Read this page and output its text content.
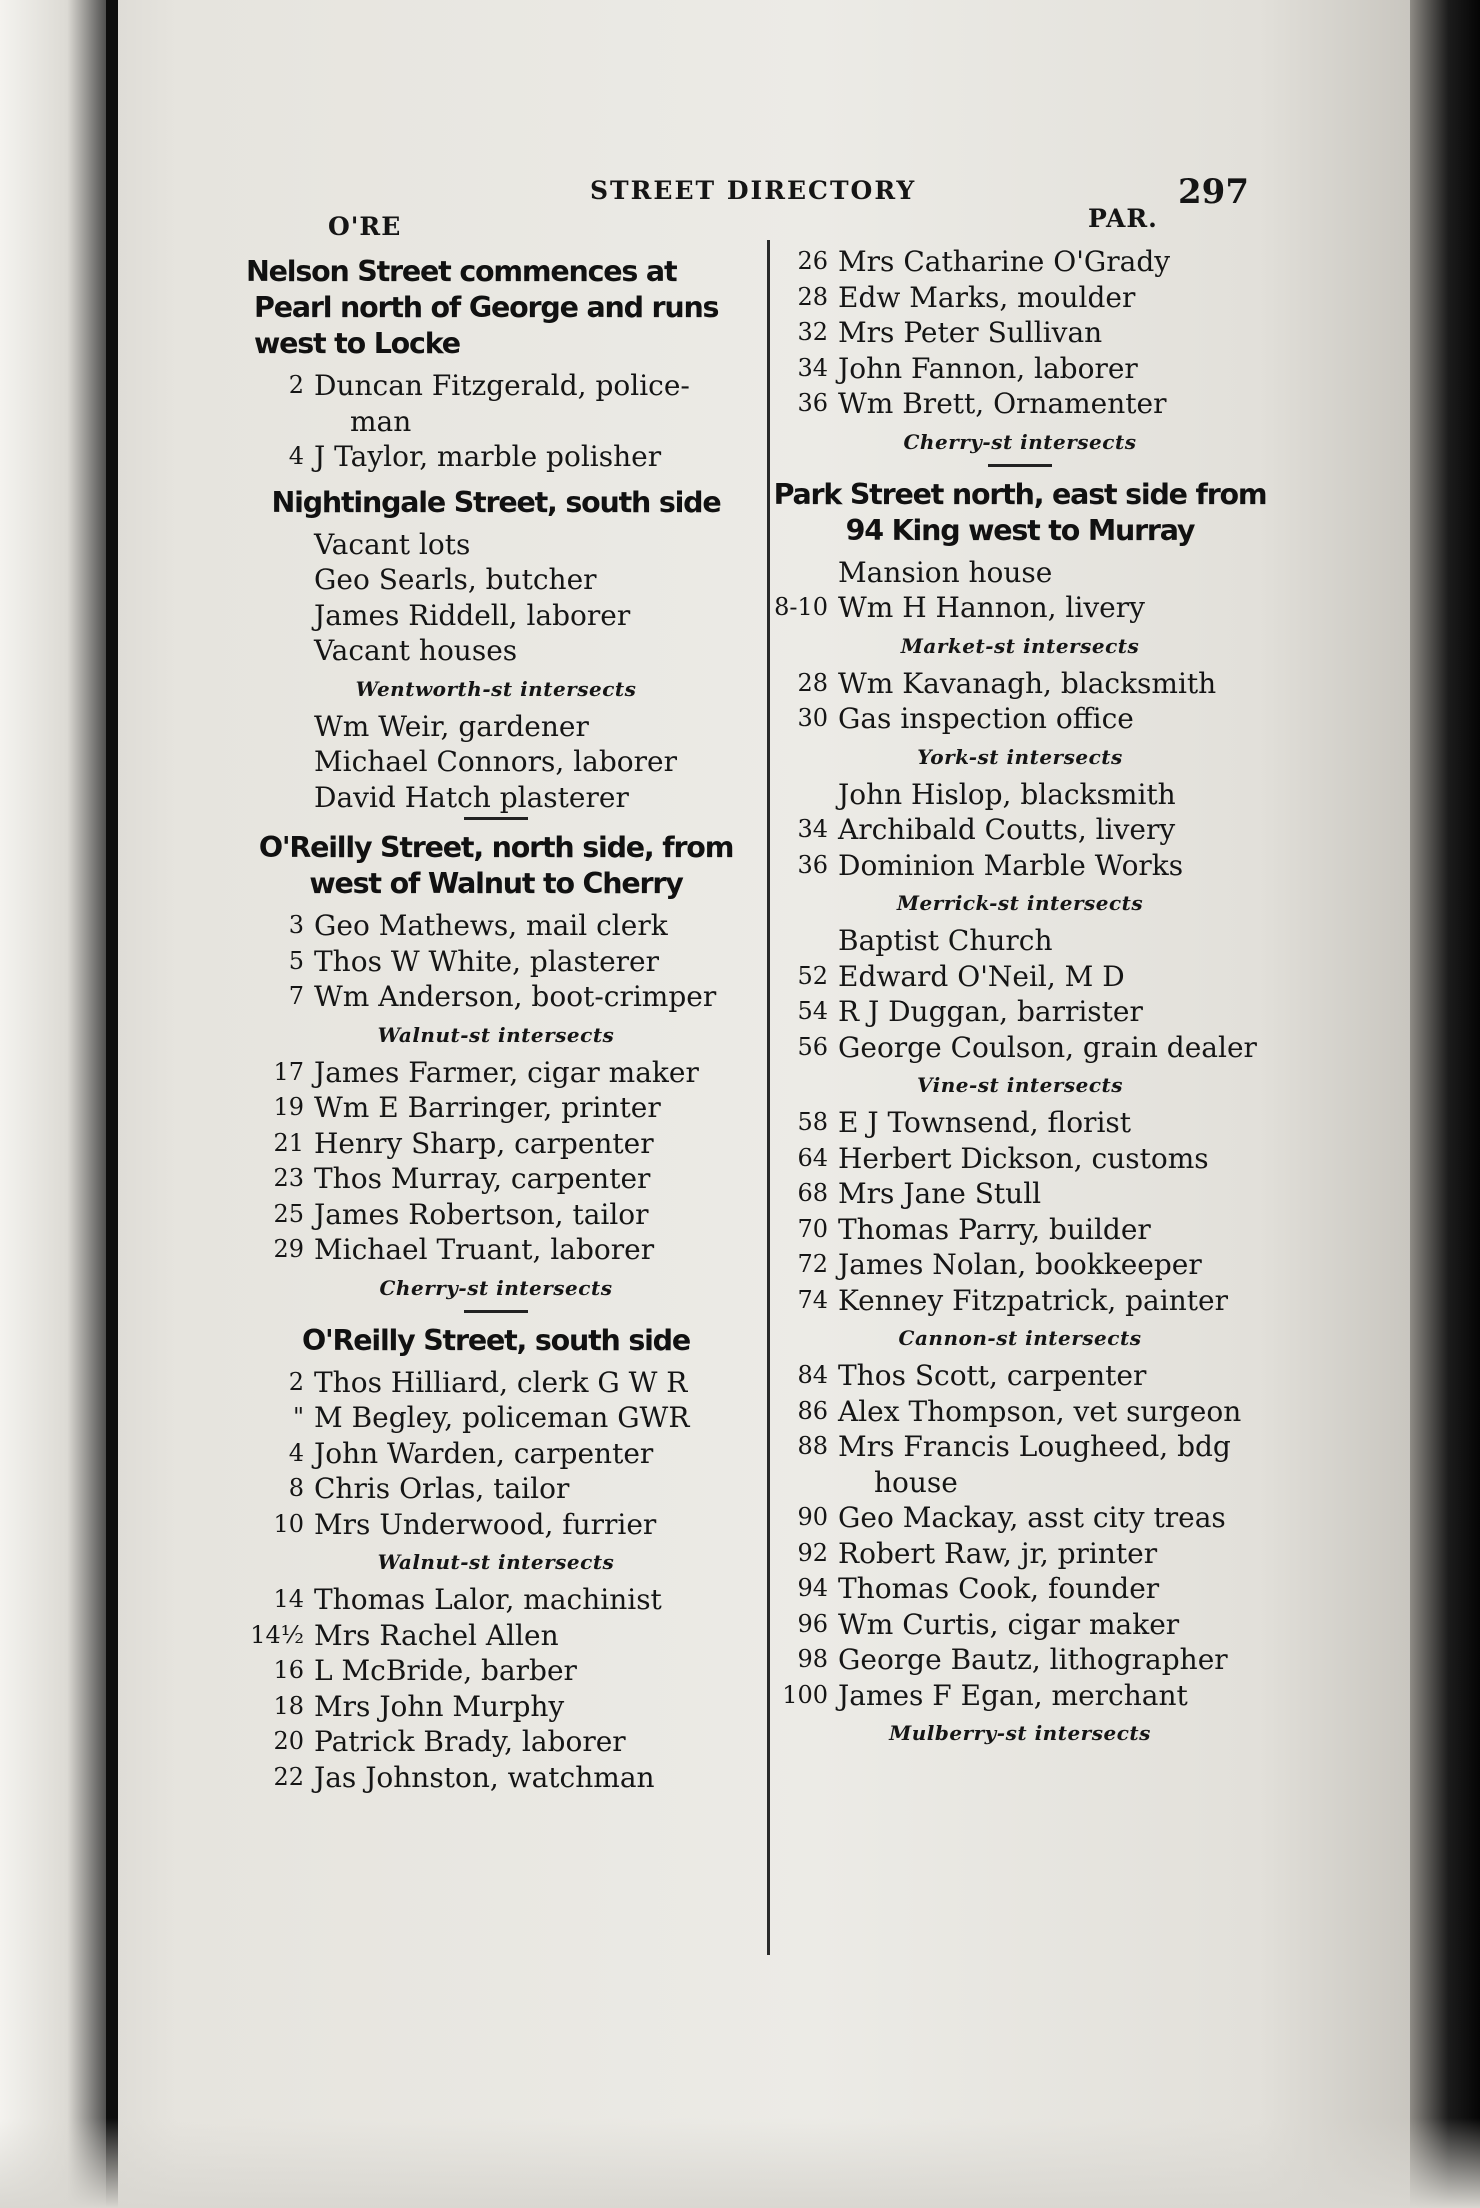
STREET DIRECTORY	297
O'RE	PAR.
Nelson Street commences at Pearl north of George and runs west to Locke
2 Duncan Fitzgerald, police-man
4 J Taylor, marble polisher
Nightingale Street, south side
Vacant lots
Geo Searls, butcher
James Riddell, laborer
Vacant houses
Wentworth-st intersects
Wm Weir, gardener
Michael Connors, laborer
David Hatch plasterer
O'Reilly Street, north side, from west of Walnut to Cherry
3 Geo Mathews, mail clerk
5 Thos W White, plasterer
7 Wm Anderson, boot-crimper
Walnut-st intersects
17 James Farmer, cigar maker
19 Wm E Barringer, printer
21 Henry Sharp, carpenter
23 Thos Murray, carpenter
25 James Robertson, tailor
29 Michael Truant, laborer
Cherry-st intersects
O'Reilly Street, south side
2 Thos Hilliard, clerk G W R
" M Begley, policeman GWR
4 John Warden, carpenter
8 Chris Orlas, tailor
10 Mrs Underwood, furrier
Walnut-st intersects
14 Thomas Lalor, machinist
14½ Mrs Rachel Allen
16 L McBride, barber
18 Mrs John Murphy
20 Patrick Brady, laborer
22 Jas Johnston, watchman
26 Mrs Catharine O'Grady
28 Edw Marks, moulder
32 Mrs Peter Sullivan
34 John Fannon, laborer
36 Wm Brett, Ornamenter
Cherry-st intersects
Park Street north, east side from 94 King west to Murray
Mansion house
8-10 Wm H Hannon, livery
Market-st intersects
28 Wm Kavanagh, blacksmith
30 Gas inspection office
York-st intersects
John Hislop, blacksmith
34 Archibald Coutts, livery
36 Dominion Marble Works
Merrick-st intersects
Baptist Church
52 Edward O'Neil, M D
54 R J Duggan, barrister
56 George Coulson, grain dealer
Vine-st intersects
58 E J Townsend, florist
64 Herbert Dickson, customs
68 Mrs Jane Stull
70 Thomas Parry, builder
72 James Nolan, bookkeeper
74 Kenney Fitzpatrick, painter
Cannon-st intersects
84 Thos Scott, carpenter
86 Alex Thompson, vet surgeon
88 Mrs Francis Lougheed, bdg house
90 Geo Mackay, asst city treas
92 Robert Raw, jr, printer
94 Thomas Cook, founder
96 Wm Curtis, cigar maker
98 George Bautz, lithographer
100 James F Egan, merchant
Mulberry-st intersects
